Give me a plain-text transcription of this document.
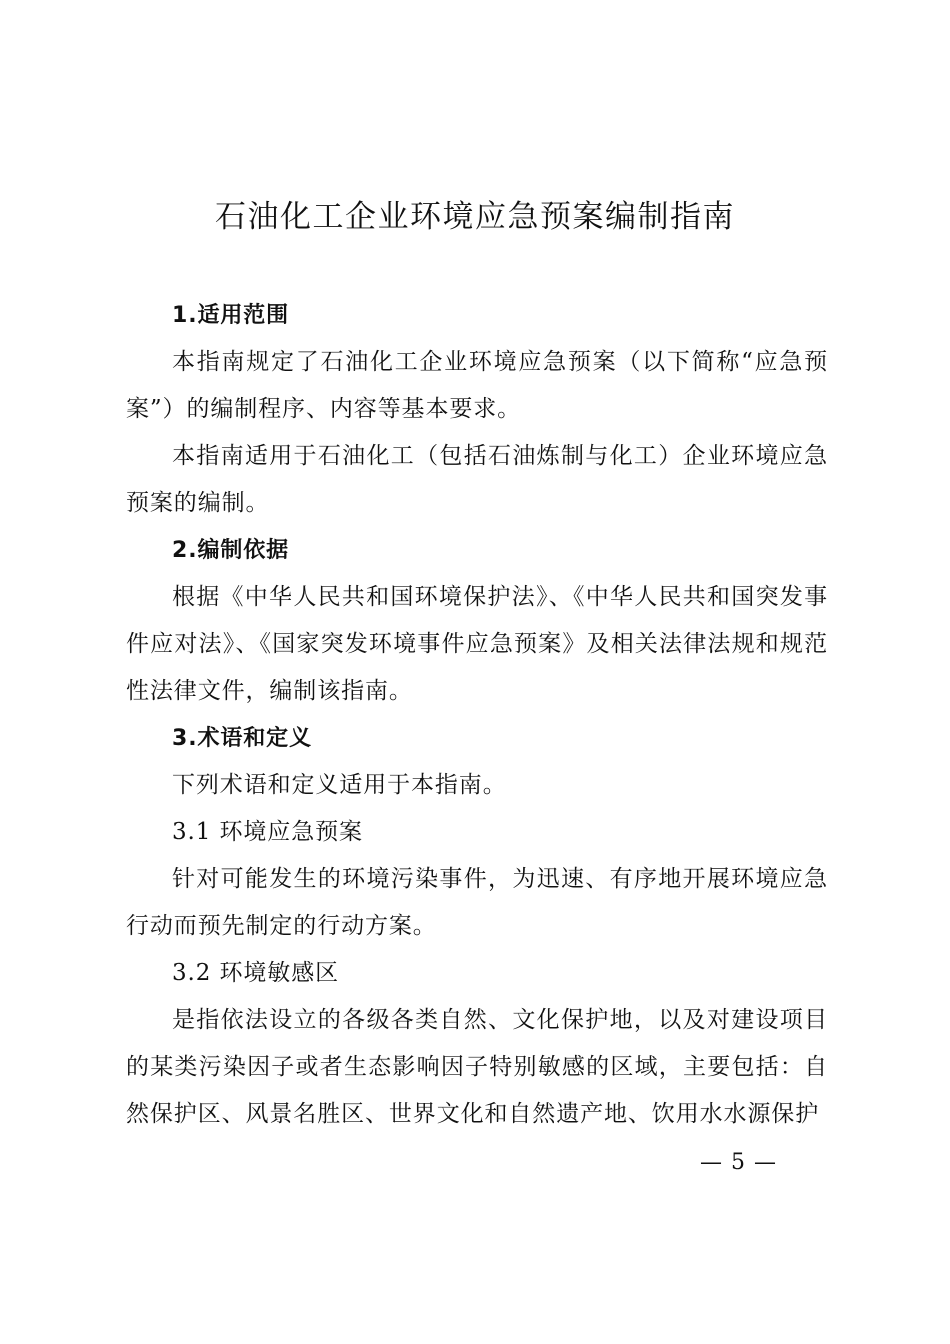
石油化工企业环境应急预案编制指南

1.适用范围

本指南规定了石油化工企业环境应急预案（以下简称“应急预案”）的编制程序、内容等基本要求。

本指南适用于石油化工（包括石油炼制与化工）企业环境应急预案的编制。

2.编制依据

根据《中华人民共和国环境保护法》、《中华人民共和国突发事件应对法》、《国家突发环境事件应急预案》及相关法律法规和规范性法律文件，编制该指南。

3.术语和定义

下列术语和定义适用于本指南。

3.1 环境应急预案

针对可能发生的环境污染事件，为迅速、有序地开展环境应急行动而预先制定的行动方案。

3.2 环境敏感区

是指依法设立的各级各类自然、文化保护地，以及对建设项目的某类污染因子或者生态影响因子特别敏感的区域，主要包括：自然保护区、风景名胜区、世界文化和自然遗产地、饮用水水源保护

— 5 —
